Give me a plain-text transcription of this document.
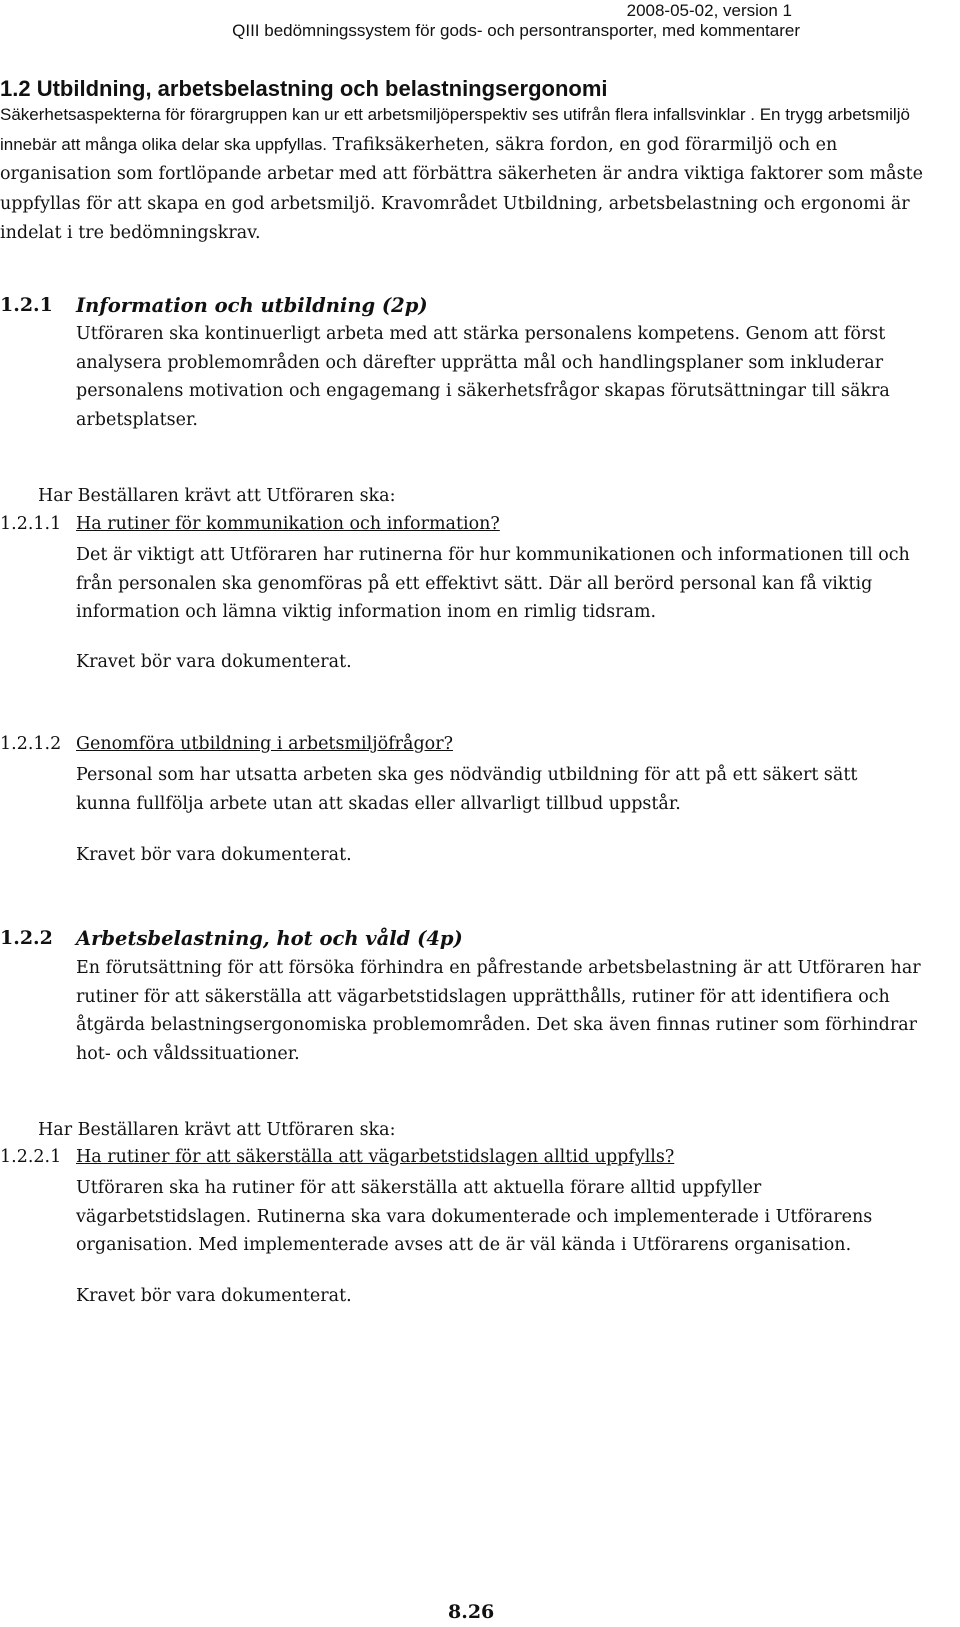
2008-05-02, version 1
QIII bedömningssystem för gods- och persontransporter, med kommentarer
1.2 Utbildning, arbetsbelastning och belastningsergonomi
Säkerhetsaspekterna för förargruppen kan ur ett arbetsmiljöperspektiv ses utifrån flera infallsvinklar . En trygg arbetsmiljö innebär att många olika delar ska uppfyllas. Trafiksäkerheten, säkra fordon, en god förarmiljö och en organisation som fortlöpande arbetar med att förbättra säkerheten är andra viktiga faktorer som måste uppfyllas för att skapa en god arbetsmiljö. Kravområdet Utbildning, arbetsbelastning och ergonomi är indelat i tre bedömningskrav.
1.2.1 Information och utbildning (2p)
Utföraren ska kontinuerligt arbeta med att stärka personalens kompetens. Genom att först analysera problemområden och därefter upprätta mål och handlingsplaner som inkluderar personalens motivation och engagemang i säkerhetsfrågor skapas förutsättningar till säkra arbetsplatser.
Har Beställaren krävt att Utföraren ska:
1.2.1.1 Ha rutiner för kommunikation och information?
Det är viktigt att Utföraren har rutinerna för hur kommunikationen och informationen till och från personalen ska genomföras på ett effektivt sätt. Där all berörd personal kan få viktig information och lämna viktig information inom en rimlig tidsram.
Kravet bör vara dokumenterat.
1.2.1.2 Genomföra utbildning i arbetsmiljöfrågor?
Personal som har utsatta arbeten ska ges nödvändig utbildning för att på ett säkert sätt kunna fullfölja arbete utan att skadas eller allvarligt tillbud uppstår.
Kravet bör vara dokumenterat.
1.2.2 Arbetsbelastning, hot och våld (4p)
En förutsättning för att försöka förhindra en påfrestande arbetsbelastning är att Utföraren har rutiner för att säkerställa att vägarbetstidslagen upprätthålls, rutiner för att identifiera och åtgärda belastningsergonomiska problemområden. Det ska även finnas rutiner som förhindrar hot- och våldssituationer.
Har Beställaren krävt att Utföraren ska:
1.2.2.1 Ha rutiner för att säkerställa att vägarbetstidslagen alltid uppfylls?
Utföraren ska ha rutiner för att säkerställa att aktuella förare alltid uppfyller vägarbetstidslagen. Rutinerna ska vara dokumenterade och implementerade i Utförarens organisation. Med implementerade avses att de är väl kända i Utförarens organisation.
Kravet bör vara dokumenterat.
8.26
